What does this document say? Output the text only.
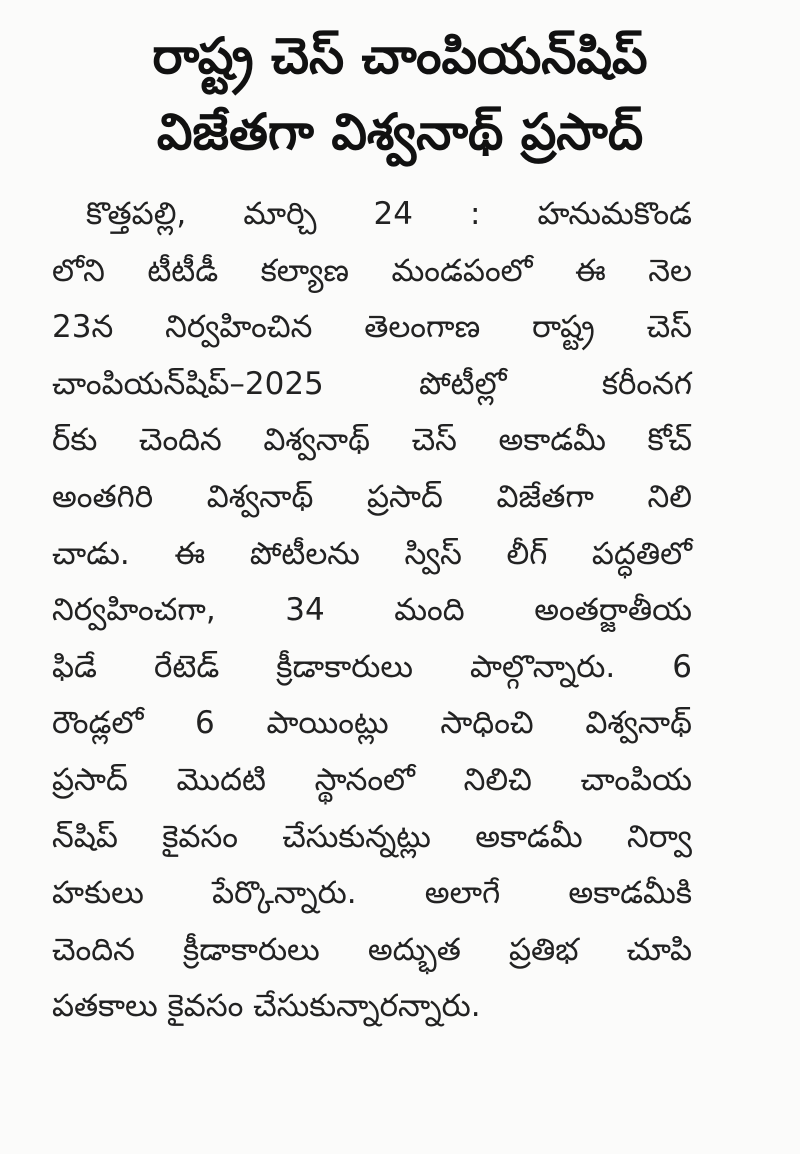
రాష్ట్ర చెస్ చాంపియన్‌షిప్
విజేతగా విశ్వనాథ్ ప్రసాద్
కొత్తపల్లి, మార్చి 24 : హనుమకొండ
లోని టీటీడీ కల్యాణ మండపంలో ఈ నెల
23న నిర్వహించిన తెలంగాణ రాష్ట్ర చెస్
చాంపియన్‌షిప్–2025 పోటీల్లో కరీంనగ
ర్‌కు చెందిన విశ్వనాథ్ చెస్ అకాడమీ కోచ్
అంతగిరి విశ్వనాథ్ ప్రసాద్ విజేతగా నిలి
చాడు. ఈ పోటీలను స్విస్ లీగ్ పద్ధతిలో
నిర్వహించగా, 34 మంది అంతర్జాతీయ
ఫిడే రేటెడ్ క్రీడాకారులు పాల్గొన్నారు. 6
రౌండ్లలో 6 పాయింట్లు సాధించి విశ్వనాథ్
ప్రసాద్ మొదటి స్థానంలో నిలిచి చాంపియ
న్‌షిప్ కైవసం చేసుకున్నట్లు అకాడమీ నిర్వా
హకులు పేర్కొన్నారు. అలాగే అకాడమీకి
చెందిన క్రీడాకారులు అద్భుత ప్రతిభ చూపి
పతకాలు కైవసం చేసుకున్నారన్నారు.
